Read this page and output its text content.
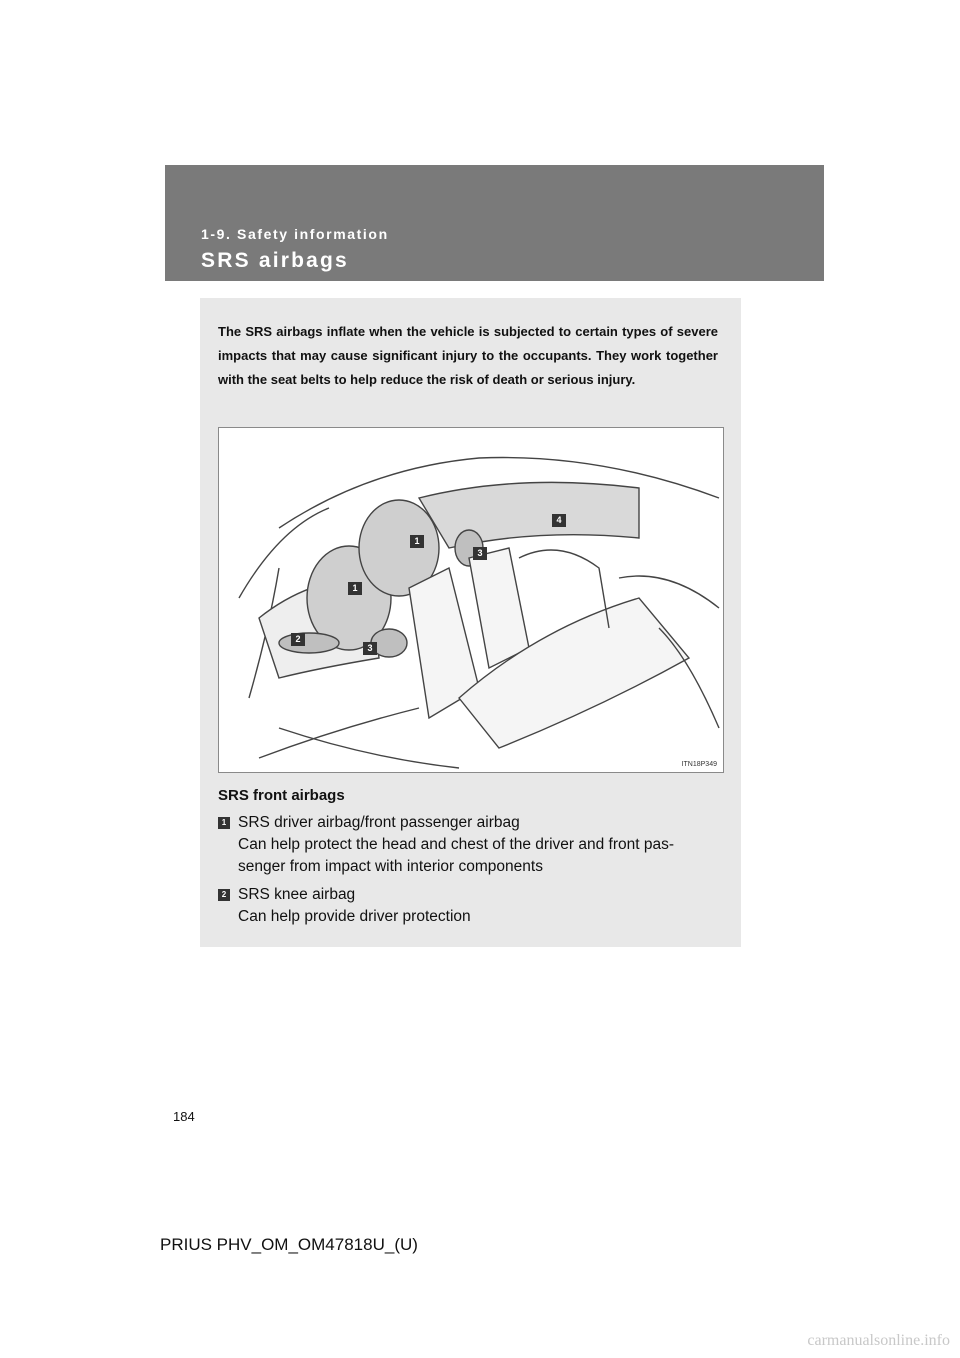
1-9. Safety information
SRS airbags
The SRS airbags inflate when the vehicle is subjected to certain types of severe impacts that may cause significant injury to the occupants. They work together with the seat belts to help reduce the risk of death or serious injury.
1
1
2
3
3
4
ITN18P349
SRS front airbags
1 SRS driver airbag/front passenger airbag
Can help protect the head and chest of the driver and front pas-
senger from impact with interior components
2 SRS knee airbag
Can help provide driver protection
184
PRIUS PHV_OM_OM47818U_(U)
carmanualsonline.info
